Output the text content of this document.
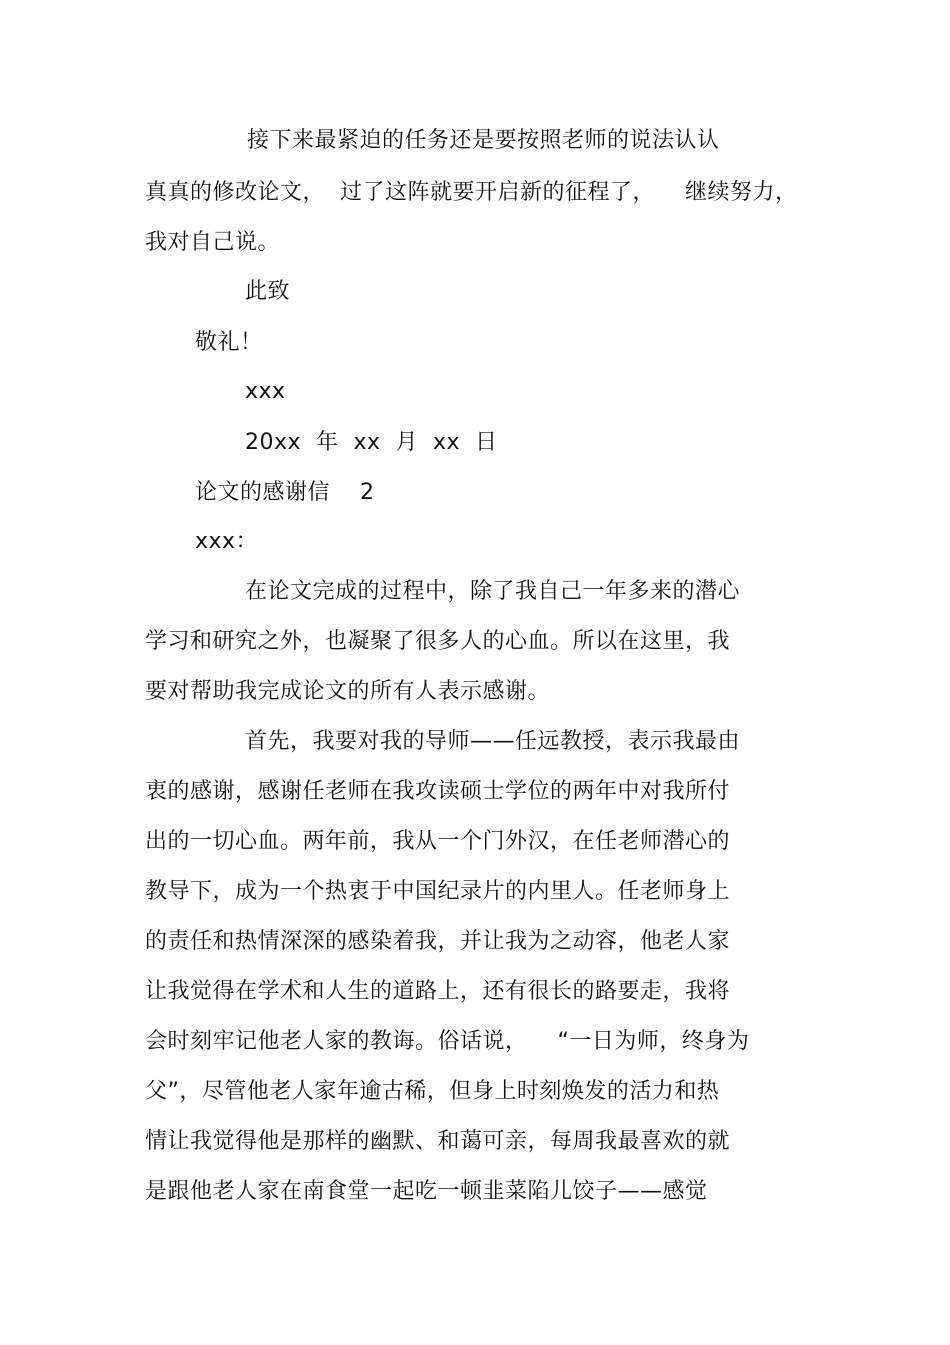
接下来最紧迫的任务还是要按照老师的说法认认
真真的修改论文，  过了这阵就要开启新的征程了，    继续努力，
我对自己说。
此致
敬礼！
xxx
20xx  年  xx  月  xx  日
论文的感谢信    2
xxx：
在论文完成的过程中，除了我自己一年多来的潜心
学习和研究之外，也凝聚了很多人的心血。所以在这里，我
要对帮助我完成论文的所有人表示感谢。
首先，我要对我的导师——任远教授，表示我最由
衷的感谢，感谢任老师在我攻读硕士学位的两年中对我所付
出的一切心血。两年前，我从一个门外汉，在任老师潜心的
教导下，成为一个热衷于中国纪录片的内里人。任老师身上
的责任和热情深深的感染着我，并让我为之动容，他老人家
让我觉得在学术和人生的道路上，还有很长的路要走，我将
会时刻牢记他老人家的教诲。俗话说，    “一日为师，终身为
父”，尽管他老人家年逾古稀，但身上时刻焕发的活力和热
情让我觉得他是那样的幽默、和蔼可亲，每周我最喜欢的就
是跟他老人家在南食堂一起吃一顿韭菜陷儿饺子——感觉
